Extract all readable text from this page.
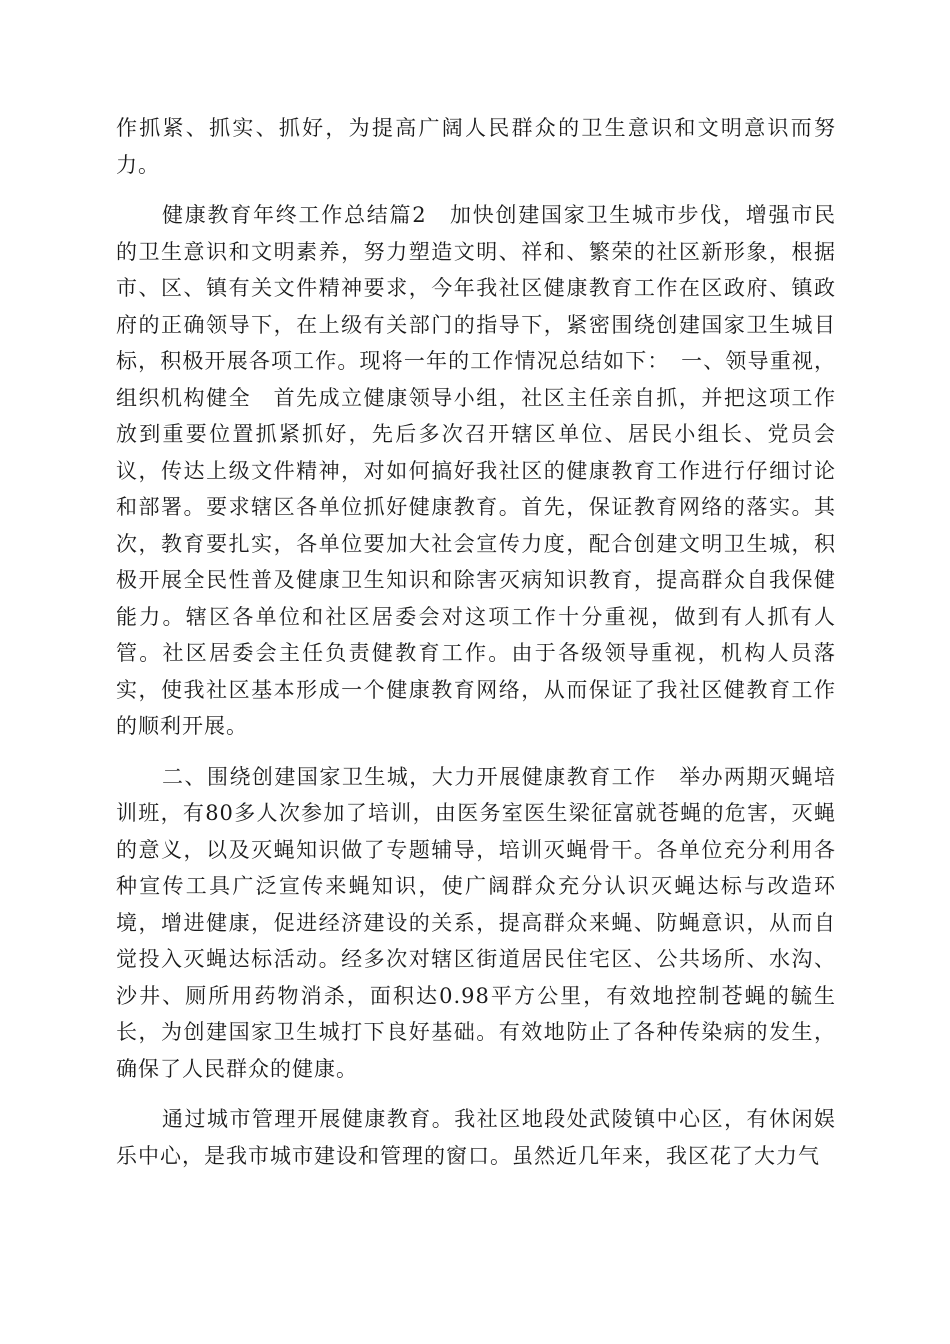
作抓紧、抓实、抓好，为提高广阔人民群众的卫生意识和文明意识而努力。

健康教育年终工作总结篇2　加快创建国家卫生城市步伐，增强市民的卫生意识和文明素养，努力塑造文明、祥和、繁荣的社区新形象，根据市、区、镇有关文件精神要求，今年我社区健康教育工作在区政府、镇政府的正确领导下，在上级有关部门的指导下，紧密围绕创建国家卫生城目标，积极开展各项工作。现将一年的工作情况总结如下：　一、领导重视，组织机构健全　首先成立健康领导小组，社区主任亲自抓，并把这项工作放到重要位置抓紧抓好，先后多次召开辖区单位、居民小组长、党员会议，传达上级文件精神，对如何搞好我社区的健康教育工作进行仔细讨论和部署。要求辖区各单位抓好健康教育。首先，保证教育网络的落实。其次，教育要扎实，各单位要加大社会宣传力度，配合创建文明卫生城，积极开展全民性普及健康卫生知识和除害灭病知识教育，提高群众自我保健能力。辖区各单位和社区居委会对这项工作十分重视，做到有人抓有人管。社区居委会主任负责健教育工作。由于各级领导重视，机构人员落实，使我社区基本形成一个健康教育网络，从而保证了我社区健教育工作的顺利开展。

二、围绕创建国家卫生城，大力开展健康教育工作　举办两期灭蝇培训班，有80多人次参加了培训，由医务室医生梁征富就苍蝇的危害，灭蝇的意义，以及灭蝇知识做了专题辅导，培训灭蝇骨干。各单位充分利用各种宣传工具广泛宣传来蝇知识，使广阔群众充分认识灭蝇达标与改造环境，增进健康，促进经济建设的关系，提高群众来蝇、防蝇意识，从而自觉投入灭蝇达标活动。经多次对辖区街道居民住宅区、公共场所、水沟、沙井、厕所用药物消杀，面积达0.98平方公里，有效地控制苍蝇的毓生长，为创建国家卫生城打下良好基础。有效地防止了各种传染病的发生，确保了人民群众的健康。

通过城市管理开展健康教育。我社区地段处武陵镇中心区，有休闲娱乐中心，是我市城市建设和管理的窗口。虽然近几年来，我区花了大力气
